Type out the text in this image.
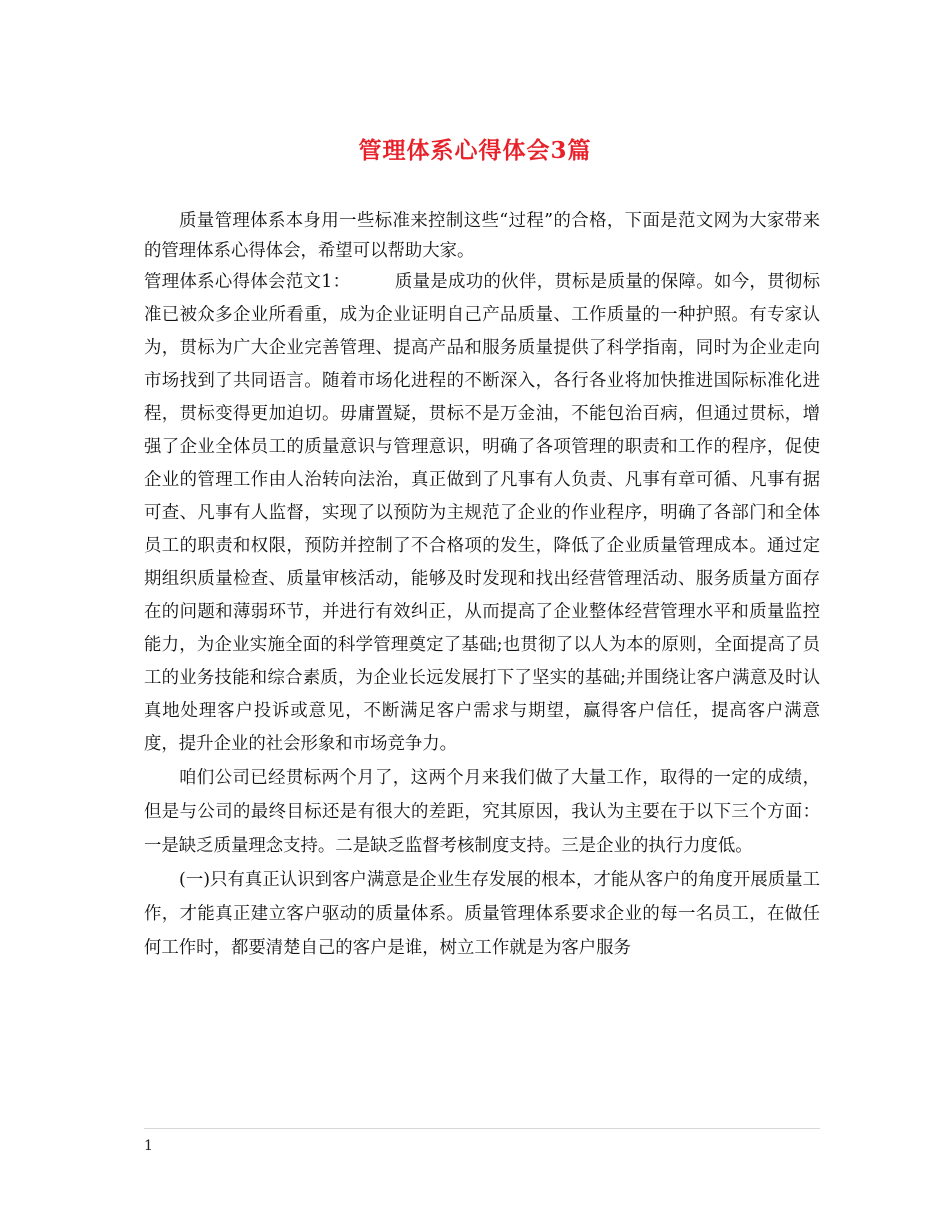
管理体系心得体会3篇

质量管理体系本身用一些标准来控制这些“过程”的合格，下面是范文网为大家带来的管理体系心得体会，希望可以帮助大家。

管理体系心得体会范文1：　　　质量是成功的伙伴，贯标是质量的保障。如今，贯彻标准已被众多企业所看重，成为企业证明自己产品质量、工作质量的一种护照。有专家认为，贯标为广大企业完善管理、提高产品和服务质量提供了科学指南，同时为企业走向市场找到了共同语言。随着市场化进程的不断深入，各行各业将加快推进国际标准化进程，贯标变得更加迫切。毋庸置疑，贯标不是万金油，不能包治百病，但通过贯标，增强了企业全体员工的质量意识与管理意识，明确了各项管理的职责和工作的程序，促使企业的管理工作由人治转向法治，真正做到了凡事有人负责、凡事有章可循、凡事有据可查、凡事有人监督，实现了以预防为主规范了企业的作业程序，明确了各部门和全体员工的职责和权限，预防并控制了不合格项的发生，降低了企业质量管理成本。通过定期组织质量检查、质量审核活动，能够及时发现和找出经营管理活动、服务质量方面存在的问题和薄弱环节，并进行有效纠正，从而提高了企业整体经营管理水平和质量监控能力，为企业实施全面的科学管理奠定了基础;也贯彻了以人为本的原则，全面提高了员工的业务技能和综合素质，为企业长远发展打下了坚实的基础;并围绕让客户满意及时认真地处理客户投诉或意见，不断满足客户需求与期望，赢得客户信任，提高客户满意度，提升企业的社会形象和市场竞争力。

咱们公司已经贯标两个月了，这两个月来我们做了大量工作，取得的一定的成绩，但是与公司的最终目标还是有很大的差距，究其原因，我认为主要在于以下三个方面：一是缺乏质量理念支持。二是缺乏监督考核制度支持。三是企业的执行力度低。

(一)只有真正认识到客户满意是企业生存发展的根本，才能从客户的角度开展质量工作，才能真正建立客户驱动的质量体系。质量管理体系要求企业的每一名员工，在做任何工作时，都要清楚自己的客户是谁，树立工作就是为客户服务

1
